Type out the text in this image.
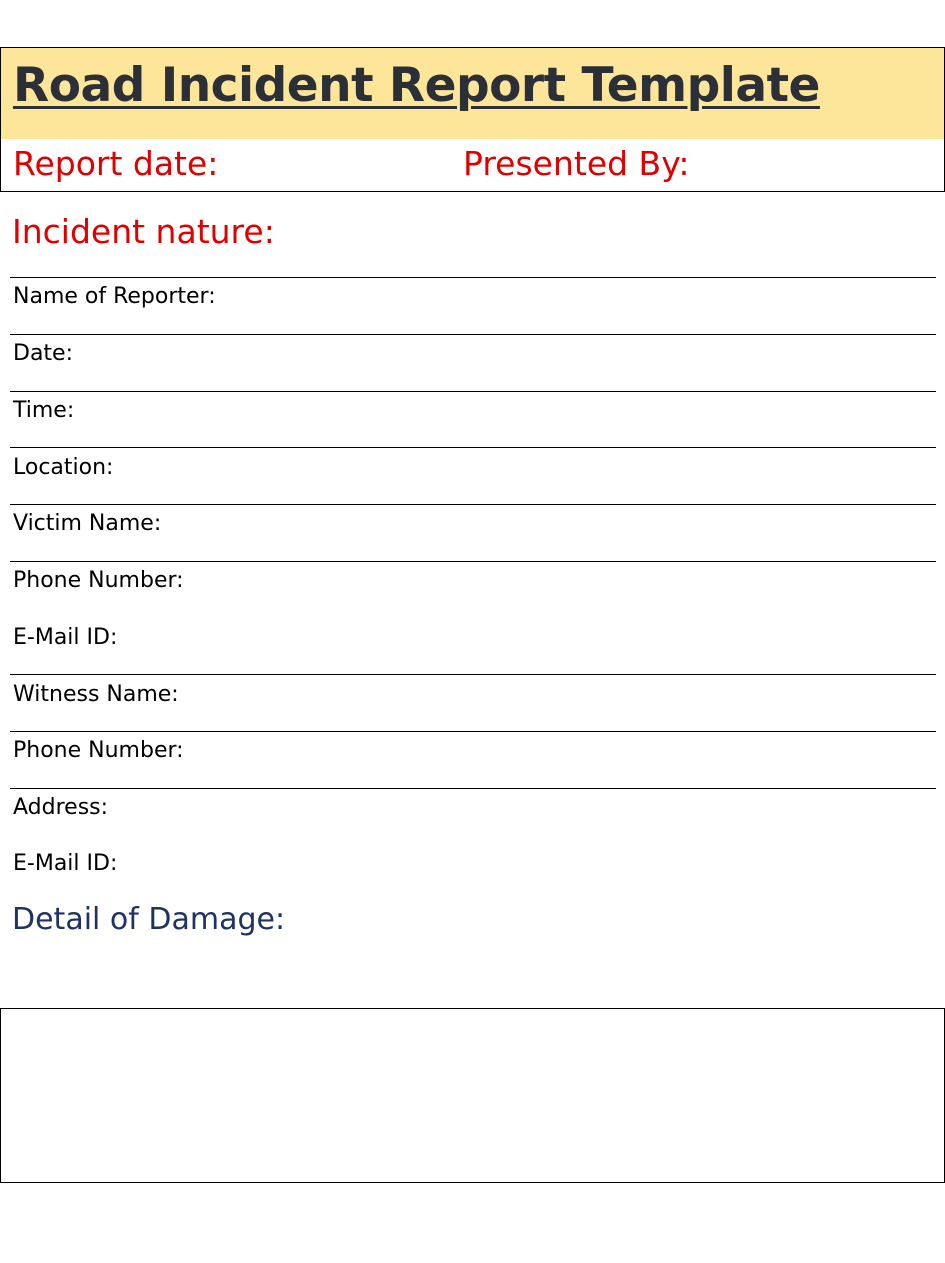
Road Incident Report Template
Report date:	Presented By:
Incident nature:
Name of Reporter:
Date:
Time:
Location:
Victim Name:
Phone Number:
E-Mail ID:
Witness Name:
Phone Number:
Address:
E-Mail ID:
Detail of Damage:
